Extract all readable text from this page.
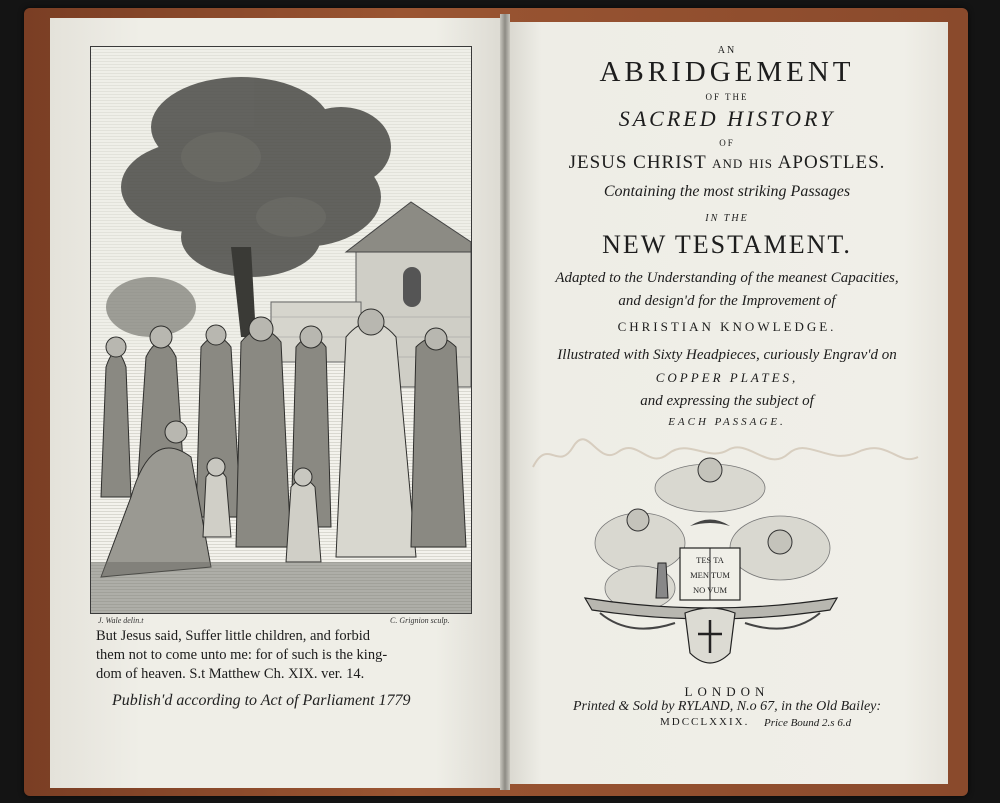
J. Wale delin.t	C. Grignion sculp.
But Jesus said, Suffer little children, and forbid
them not to come unto me: for of such is the king-
dom of heaven. S.t Matthew Ch. XIX. ver. 14.
Publish'd according to Act of Parliament 1779
AN
ABRIDGEMENT
OF THE
SACRED HISTORY
OF
JESUS CHRIST and his APOSTLES.
Containing the most striking Passages
IN THE
NEW TESTAMENT.
Adapted to the Understanding of the meanest Capacities,
and design'd for the Improvement of
CHRISTIAN KNOWLEDGE.
Illustrated with Sixty Headpieces, curiously Engrav'd on
COPPER PLATES,
and expressing the subject of
EACH PASSAGE.
TES TA
MEN TUM
NO VUM
LONDON
Printed & Sold by RYLAND, N.o 67, in the Old Bailey:
MDCCLXXIX. Price Bound 2.s 6.d
